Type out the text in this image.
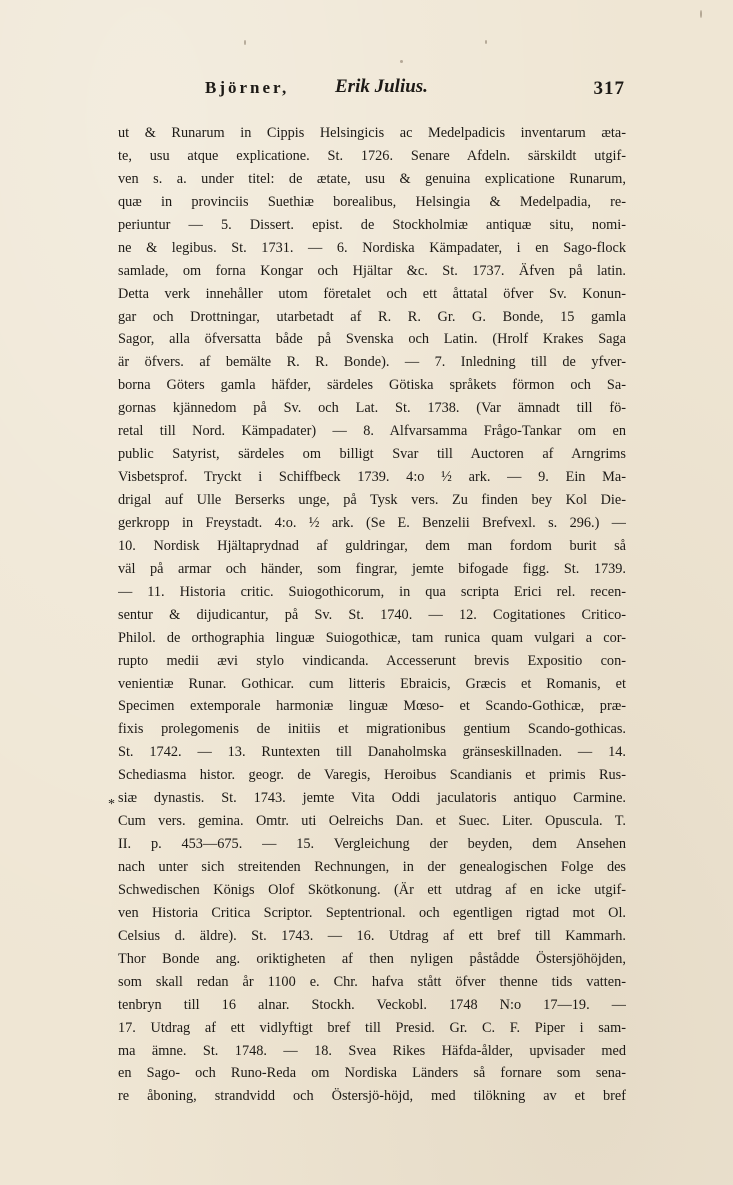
Björner, Erik Julius.	317
*
ut & Runarum in Cippis Helsingicis ac Medelpadicis inventarum æta-
te, usu atque explicatione. St. 1726. Senare Afdeln. särskildt utgif-
ven s. a. under titel: de ætate, usu & genuina explicatione Runarum,
quæ in provinciis Suethiæ borealibus, Helsingia & Medelpadia, re-
periuntur — 5. Dissert. epist. de Stockholmiæ antiquæ situ, nomi-
ne & legibus. St. 1731. — 6. Nordiska Kämpadater, i en Sago-flock
samlade, om forna Kongar och Hjältar &c. St. 1737. Äfven på latin.
Detta verk innehåller utom företalet och ett åttatal öfver Sv. Konun-
gar och Drottningar, utarbetadt af R. R. Gr. G. Bonde, 15 gamla
Sagor, alla öfversatta både på Svenska och Latin. (Hrolf Krakes Saga
är öfvers. af bemälte R. R. Bonde). — 7. Inledning till de yfver-
borna Göters gamla häfder, särdeles Götiska språkets förmon och Sa-
gornas kjännedom på Sv. och Lat. St. 1738. (Var ämnadt till fö-
retal till Nord. Kämpadater) — 8. Alfvarsamma Frågo-Tankar om en
public Satyrist, särdeles om billigt Svar till Auctoren af Arngrims
Visbetsprof. Tryckt i Schiffbeck 1739. 4:o ½ ark. — 9. Ein Ma-
drigal auf Ulle Berserks unge, på Tysk vers. Zu finden bey Kol Die-
gerkropp in Freystadt. 4:o. ½ ark. (Se E. Benzelii Brefvexl. s. 296.) —
10. Nordisk Hjältaprydnad af guldringar, dem man fordom burit så
väl på armar och händer, som fingrar, jemte bifogade figg. St. 1739.
— 11. Historia critic. Suiogothicorum, in qua scripta Erici rel. recen-
sentur & dijudicantur, på Sv. St. 1740. — 12. Cogitationes Critico-
Philol. de orthographia linguæ Suiogothicæ, tam runica quam vulgari a cor-
rupto medii ævi stylo vindicanda. Accesserunt brevis Expositio con-
venientiæ Runar. Gothicar. cum litteris Ebraicis, Græcis et Romanis, et
Specimen extemporale harmoniæ linguæ Mœso- et Scando-Gothicæ, præ-
fixis prolegomenis de initiis et migrationibus gentium Scando-gothicas.
St. 1742. — 13. Runtexten till Danaholmska gränseskillnaden. — 14.
Schediasma histor. geogr. de Varegis, Heroibus Scandianis et primis Rus-
siæ dynastis. St. 1743. jemte Vita Oddi jaculatoris antiquo Carmine.
Cum vers. gemina. Omtr. uti Oelreichs Dan. et Suec. Liter. Opuscula. T.
II. p. 453—675. — 15. Vergleichung der beyden, dem Ansehen
nach unter sich streitenden Rechnungen, in der genealogischen Folge des
Schwedischen Königs Olof Skötkonung. (Är ett utdrag af en icke utgif-
ven Historia Critica Scriptor. Septentrional. och egentligen rigtad mot Ol.
Celsius d. äldre). St. 1743. — 16. Utdrag af ett bref till Kammarh.
Thor Bonde ang. oriktigheten af then nyligen påstådde Östersjöhöjden,
som skall redan år 1100 e. Chr. hafva stått öfver thenne tids vatten-
tenbryn till 16 alnar. Stockh. Veckobl. 1748 N:o 17—19. —
17. Utdrag af ett vidlyftigt bref till Presid. Gr. C. F. Piper i sam-
ma ämne. St. 1748. — 18. Svea Rikes Häfda-ålder, upvisader med
en Sago- och Runo-Reda om Nordiska Länders så fornare som sena-
re åboning, strandvidd och Östersjö-höjd, med tilökning av et bref
